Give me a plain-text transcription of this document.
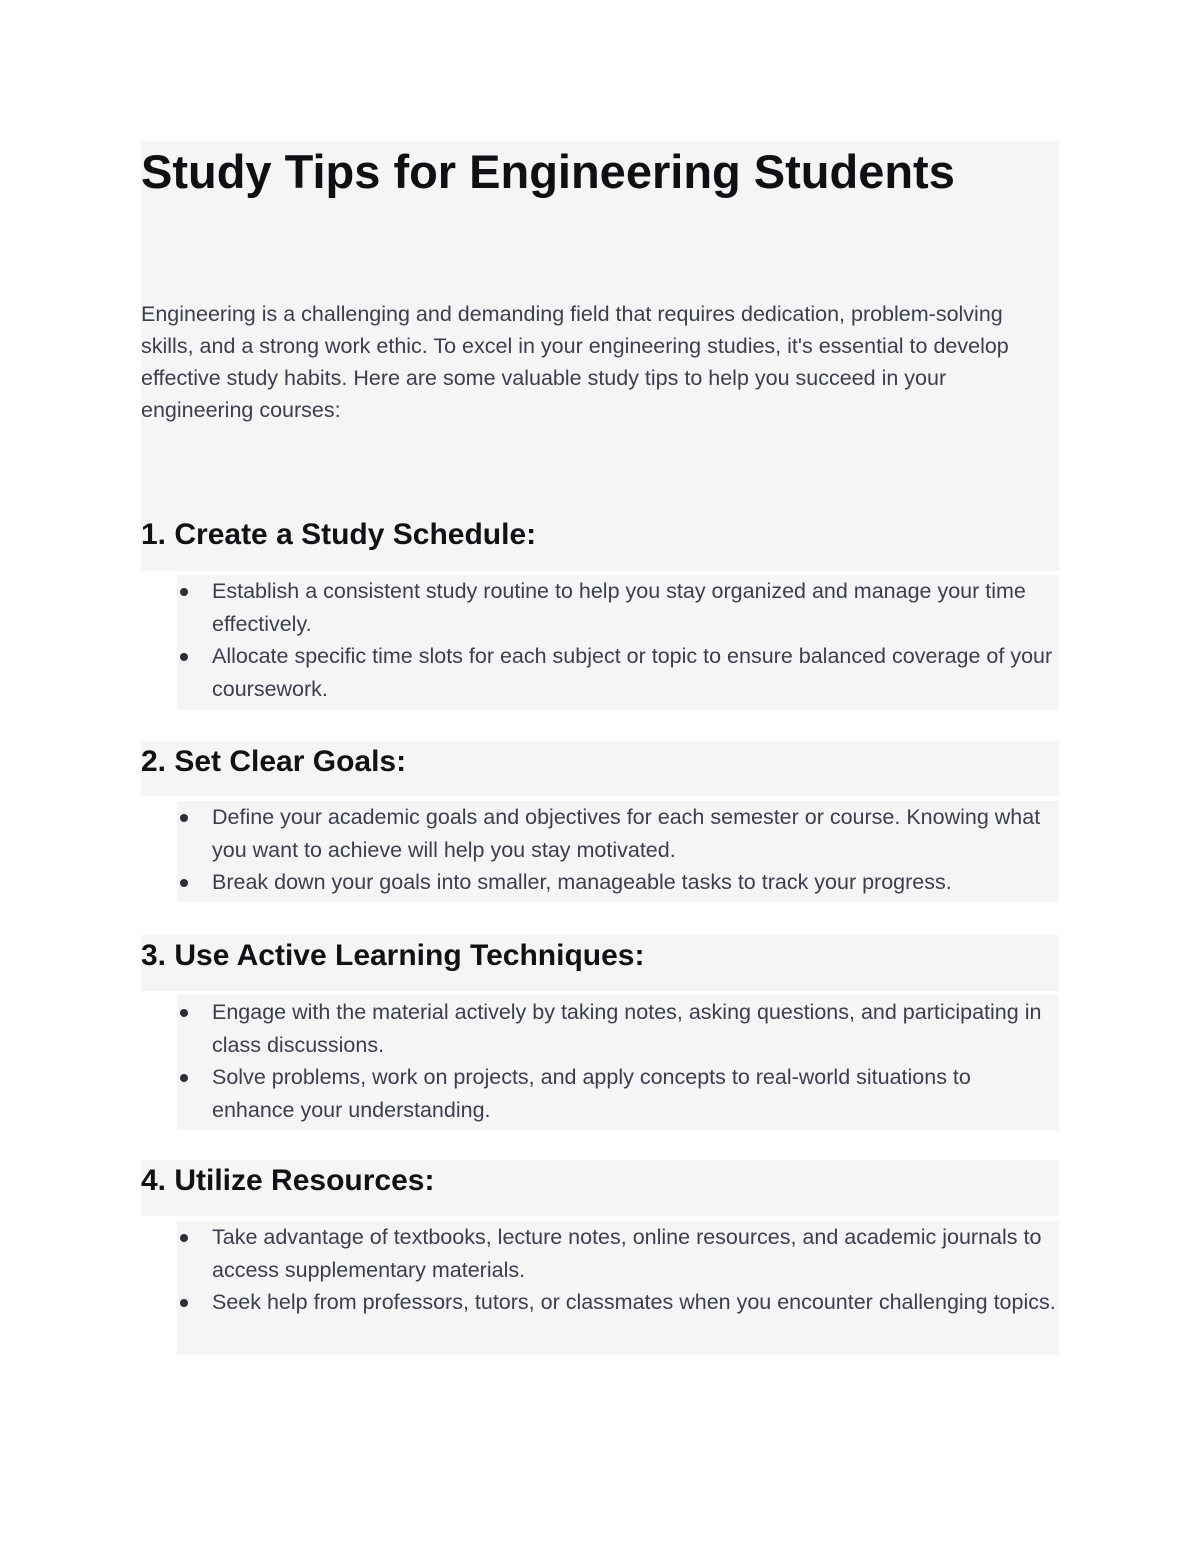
Study Tips for Engineering Students

Engineering is a challenging and demanding field that requires dedication, problem-solving skills, and a strong work ethic. To excel in your engineering studies, it's essential to develop effective study habits. Here are some valuable study tips to help you succeed in your engineering courses:

1. Create a Study Schedule:
Establish a consistent study routine to help you stay organized and manage your time effectively.
Allocate specific time slots for each subject or topic to ensure balanced coverage of your coursework.
2. Set Clear Goals:
Define your academic goals and objectives for each semester or course. Knowing what you want to achieve will help you stay motivated.
Break down your goals into smaller, manageable tasks to track your progress.
3. Use Active Learning Techniques:
Engage with the material actively by taking notes, asking questions, and participating in class discussions.
Solve problems, work on projects, and apply concepts to real-world situations to enhance your understanding.
4. Utilize Resources:
Take advantage of textbooks, lecture notes, online resources, and academic journals to access supplementary materials.
Seek help from professors, tutors, or classmates when you encounter challenging topics.
